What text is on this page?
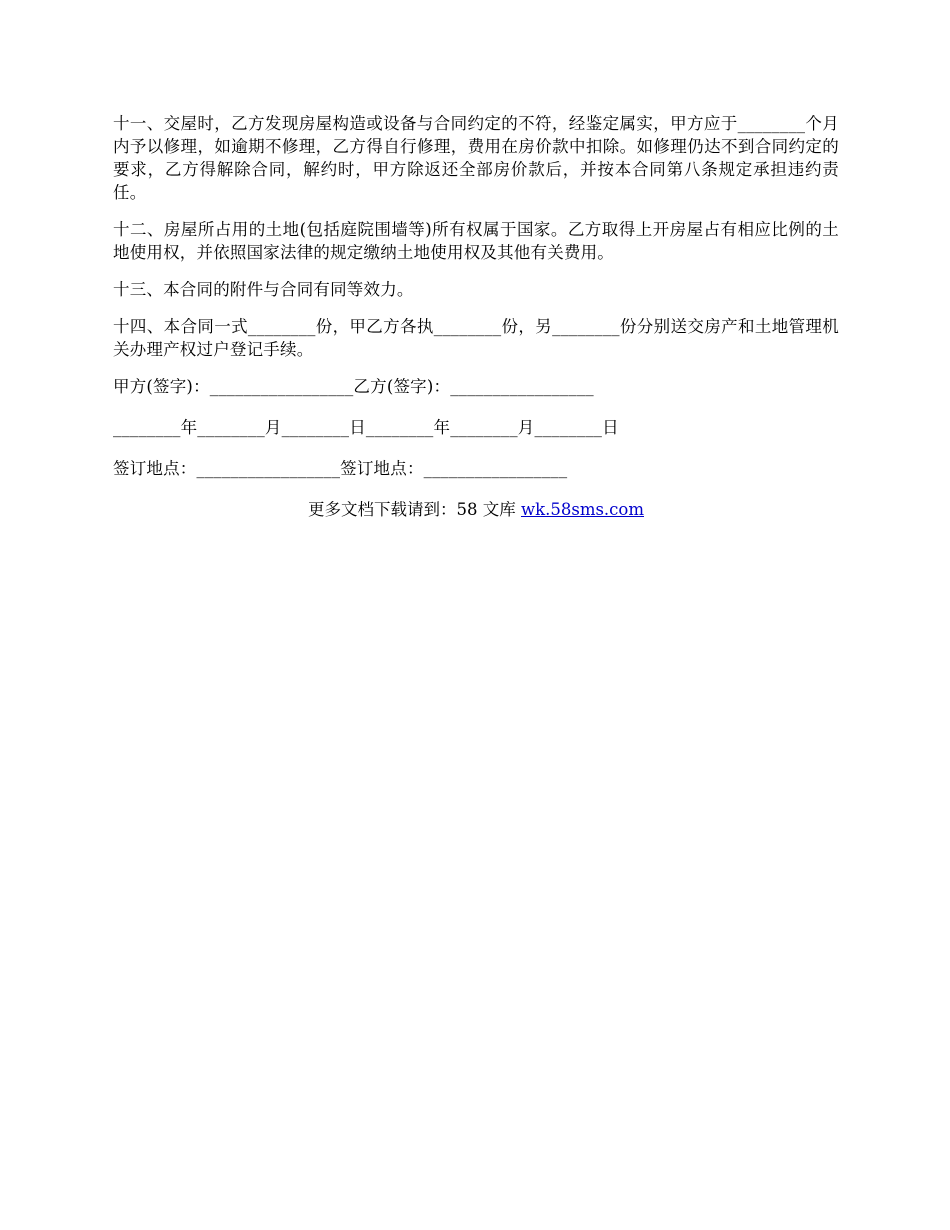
十一、交屋时，乙方发现房屋构造或设备与合同约定的不符，经鉴定属实，甲方应于________个月内予以修理，如逾期不修理，乙方得自行修理，费用在房价款中扣除。如修理仍达不到合同约定的要求，乙方得解除合同，解约时，甲方除返还全部房价款后，并按本合同第八条规定承担违约责任。

十二、房屋所占用的土地(包括庭院围墙等)所有权属于国家。乙方取得上开房屋占有相应比例的土地使用权，并依照国家法律的规定缴纳土地使用权及其他有关费用。

十三、本合同的附件与合同有同等效力。

十四、本合同一式________份，甲乙方各执________份，另________份分别送交房产和土地管理机关办理产权过户登记手续。

甲方(签字)：_________________乙方(签字)：_________________

________年________月________日________年________月________日

签订地点：_________________签订地点：_________________

更多文档下载请到：58 文库 wk.58sms.com
